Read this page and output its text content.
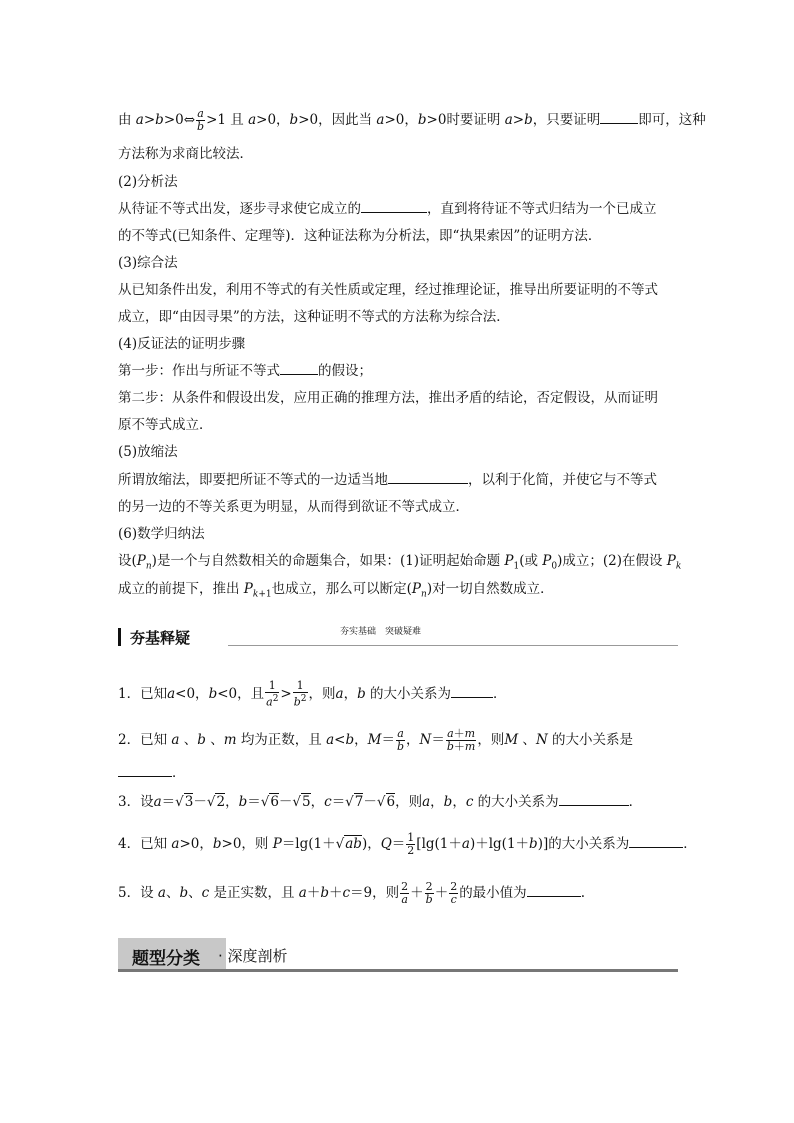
由 a>b>0⇔ $\frac{a}{b} >1$ 且 a>0，b>0，因此当 a>0，b>0时要证明 a>b，只要证明	即可，这种
方法称为求商比较法．
(2)分析法
从待证不等式出发，逐步寻求使它成立的	，直到将待证不等式归结为一个已成立
的不等式(已知条件、定理等)．这种证法称为分析法，即“执果索因”的证明方法．
(3)综合法
从已知条件出发，利用不等式的有关性质或定理，经过推理论证，推导出所要证明的不等式
成立，即“由因寻果”的方法，这种证明不等式的方法称为综合法．
(4)反证法的证明步骤
第一步：作出与所证不等式	的假设；
第二步：从条件和假设出发，应用正确的推理方法，推出矛盾的结论，否定假设，从而证明
原不等式成立．
(5)放缩法
所谓放缩法，即要把所证不等式的一边适当地	，以利于化简，并使它与不等式
的另一边的不等关系更为明显，从而得到欲证不等式成立．
(6)数学归纳法
设$(P_n)$是一个与自然数相关的命题集合，如果：(1)证明起始命题 $P_1$(或 $P_0$)成立；(2)在假设 $P_k$
成立的前提下，推出 $P_{k+1}$也成立，那么可以断定$(P_n)$对一切自然数成立．
夯基释疑	夯实基础　突破疑难
1．已知a<0，b<0，且 $\frac{1}{a^2} > \frac{1}{b^2}$ ，则a，b 的大小关系为	．
2．已知 a 、b 、m 均为正数，且 a<b，$M= \frac{a}{b}$ ，$N= \frac{a+m}{b+m}$ ，则M 、N 的大小关系是
．
3．设a＝√3－√2，b＝√6－√5，c＝√7－√6，则a，b，c 的大小关系为	．
4．已知 a>0，b>0，则 P＝lg(1＋√ab)，$Q= \frac{1}{2} [\lg(1+a)+\lg(1+b)]$的大小关系为	．
5．设 a、b、c 是正实数，且 a＋b＋c＝9，则 $\frac{2}{a} + \frac{2}{b} + \frac{2}{c}$ 的最小值为	.
题型分类 · 深度剖析
